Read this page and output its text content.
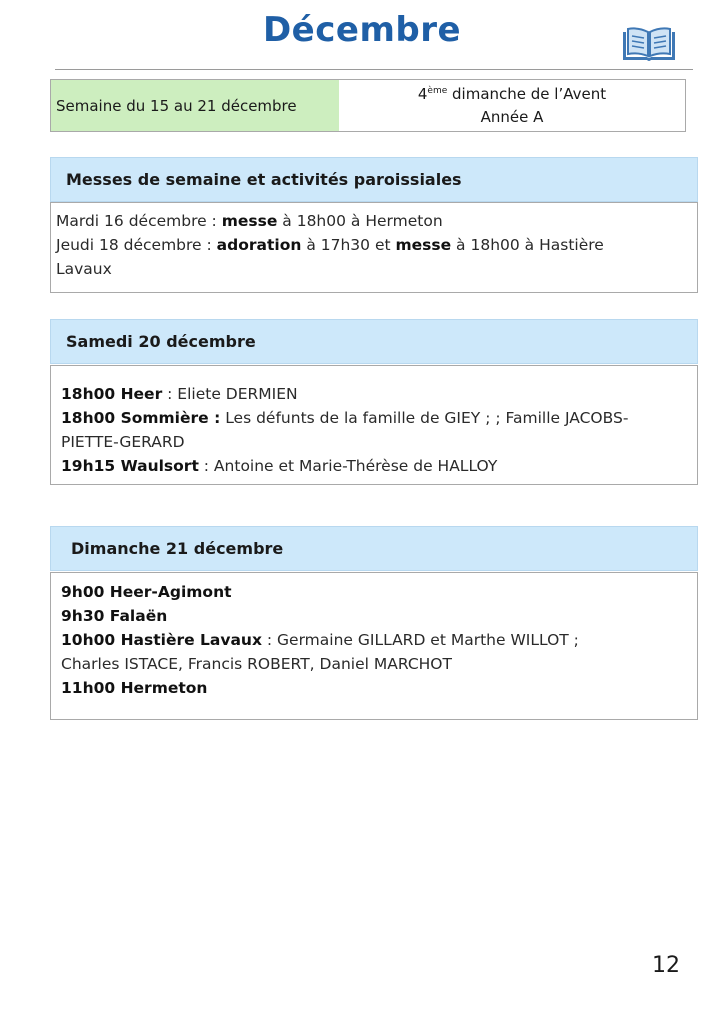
Décembre
Semaine du 15 au 21 décembre
4ème dimanche de l’Avent
Année A
Messes de semaine et activités paroissiales
Mardi 16 décembre : messe à 18h00 à Hermeton
Jeudi 18 décembre : adoration à 17h30 et messe à 18h00 à Hastière
Lavaux
Samedi 20 décembre
18h00 Heer : Eliete DERMIEN
18h00 Sommière : Les défunts de la famille de GIEY ; ; Famille JACOBS-
PIETTE-GERARD
19h15 Waulsort : Antoine et Marie-Thérèse de HALLOY
Dimanche 21 décembre
9h00 Heer-Agimont
9h30 Falaën
10h00 Hastière Lavaux : Germaine GILLARD et Marthe WILLOT ;
Charles ISTACE, Francis ROBERT, Daniel MARCHOT
11h00 Hermeton
12
